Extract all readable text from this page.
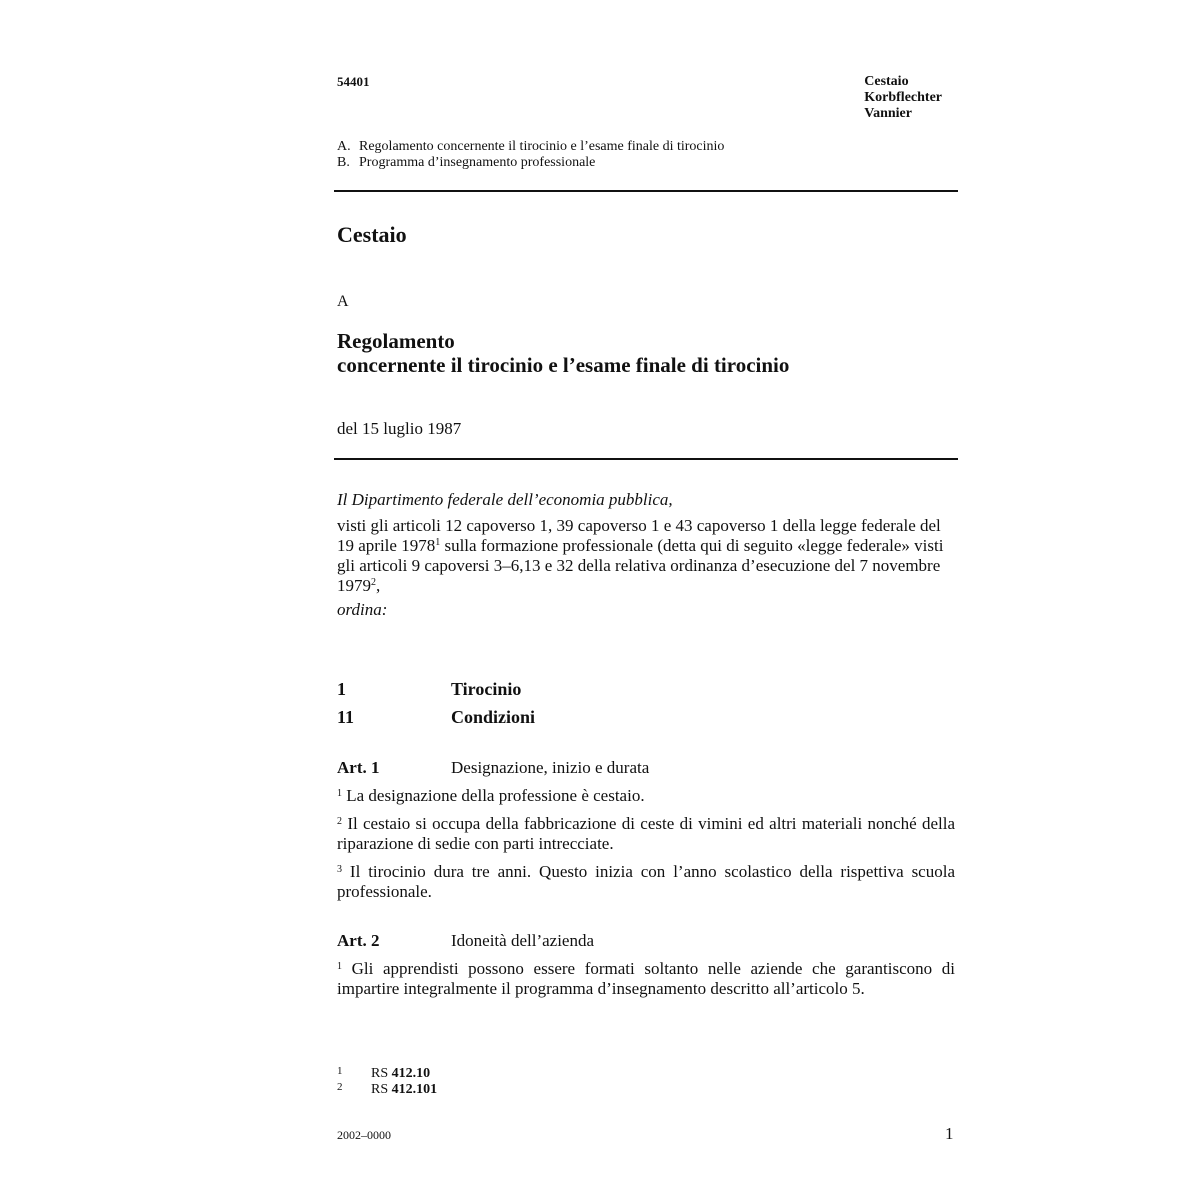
54401	Cestaio
Korbflechter
Vannier
A. Regolamento concernente il tirocinio e l’esame finale di tirocinio
B. Programma d’insegnamento professionale
Cestaio
A
Regolamento
concernente il tirocinio e l’esame finale di tirocinio
del 15 luglio 1987
Il Dipartimento federale dell’economia pubblica,
visti gli articoli 12 capoverso 1, 39 capoverso 1 e 43 capoverso 1 della legge federale del 19 aprile 1978$^1$ sulla formazione professionale (detta qui di seguito «legge federale» visti gli articoli 9 capoversi 3–6,13 e 32 della relativa ordinanza d’esecuzione del 7 novembre 1979$^2$,
ordina:
1	Tirocinio
11	Condizioni
Art. 1	Designazione, inizio e durata
$^1$ La designazione della professione è cestaio.
$^2$ Il cestaio si occupa della fabbricazione di ceste di vimini ed altri materiali nonché della riparazione di sedie con parti intrecciate.
$^3$ Il tirocinio dura tre anni. Questo inizia con l’anno scolastico della rispettiva scuola professionale.
Art. 2	Idoneità dell’azienda
$^1$ Gli apprendisti possono essere formati soltanto nelle aziende che garantiscono di impartire integralmente il programma d’insegnamento descritto all’articolo 5.
1 RS 412.10
2 RS 412.101
2002–0000	1
